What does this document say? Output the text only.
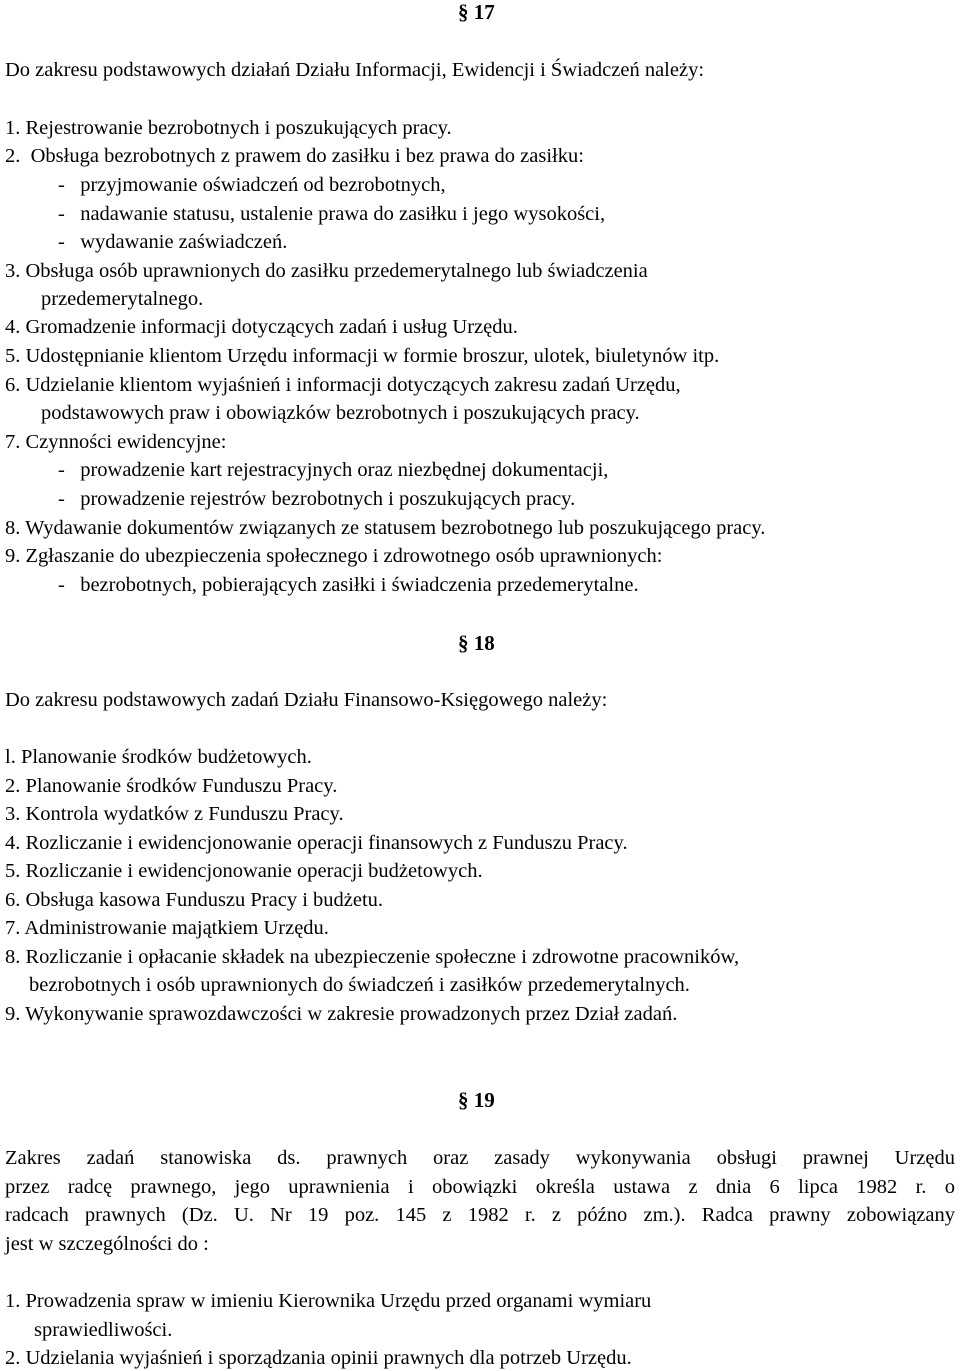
§ 17
Do zakresu podstawowych działań Działu Informacji, Ewidencji i Świadczeń należy:
1. Rejestrowanie bezrobotnych i poszukujących pracy.
2.  Obsługa bezrobotnych z prawem do zasiłku i bez prawa do zasiłku:
-   przyjmowanie oświadczeń od bezrobotnych,
-   nadawanie statusu, ustalenie prawa do zasiłku i jego wysokości,
-   wydawanie zaświadczeń.
3. Obsługa osób uprawnionych do zasiłku przedemerytalnego lub świadczenia
przedemerytalnego.
4. Gromadzenie informacji dotyczących zadań i usług Urzędu.
5. Udostępnianie klientom Urzędu informacji w formie broszur, ulotek, biuletynów itp.
6. Udzielanie klientom wyjaśnień i informacji dotyczących zakresu zadań Urzędu,
podstawowych praw i obowiązków bezrobotnych i poszukujących pracy.
7. Czynności ewidencyjne:
-   prowadzenie kart rejestracyjnych oraz niezbędnej dokumentacji,
-   prowadzenie rejestrów bezrobotnych i poszukujących pracy.
8. Wydawanie dokumentów związanych ze statusem bezrobotnego lub poszukującego pracy.
9. Zgłaszanie do ubezpieczenia społecznego i zdrowotnego osób uprawnionych:
-   bezrobotnych, pobierających zasiłki i świadczenia przedemerytalne.
§ 18
Do zakresu podstawowych zadań Działu Finansowo-Księgowego należy:
l. Planowanie środków budżetowych.
2. Planowanie środków Funduszu Pracy.
3. Kontrola wydatków z Funduszu Pracy.
4. Rozliczanie i ewidencjonowanie operacji finansowych z Funduszu Pracy.
5. Rozliczanie i ewidencjonowanie operacji budżetowych.
6. Obsługa kasowa Funduszu Pracy i budżetu.
7. Administrowanie majątkiem Urzędu.
8. Rozliczanie i opłacanie składek na ubezpieczenie społeczne i zdrowotne pracowników,
bezrobotnych i osób uprawnionych do świadczeń i zasiłków przedemerytalnych.
9. Wykonywanie sprawozdawczości w zakresie prowadzonych przez Dział zadań.
§ 19
Zakres zadań stanowiska ds. prawnych oraz zasady wykonywania obsługi prawnej Urzędu
przez radcę prawnego, jego uprawnienia i obowiązki określa ustawa z dnia 6 lipca 1982 r. o
radcach prawnych (Dz. U. Nr 19 poz. 145 z 1982 r. z późno zm.). Radca prawny zobowiązany
jest w szczególności do :
1. Prowadzenia spraw w imieniu Kierownika Urzędu przed organami wymiaru
sprawiedliwości.
2. Udzielania wyjaśnień i sporządzania opinii prawnych dla potrzeb Urzędu.
